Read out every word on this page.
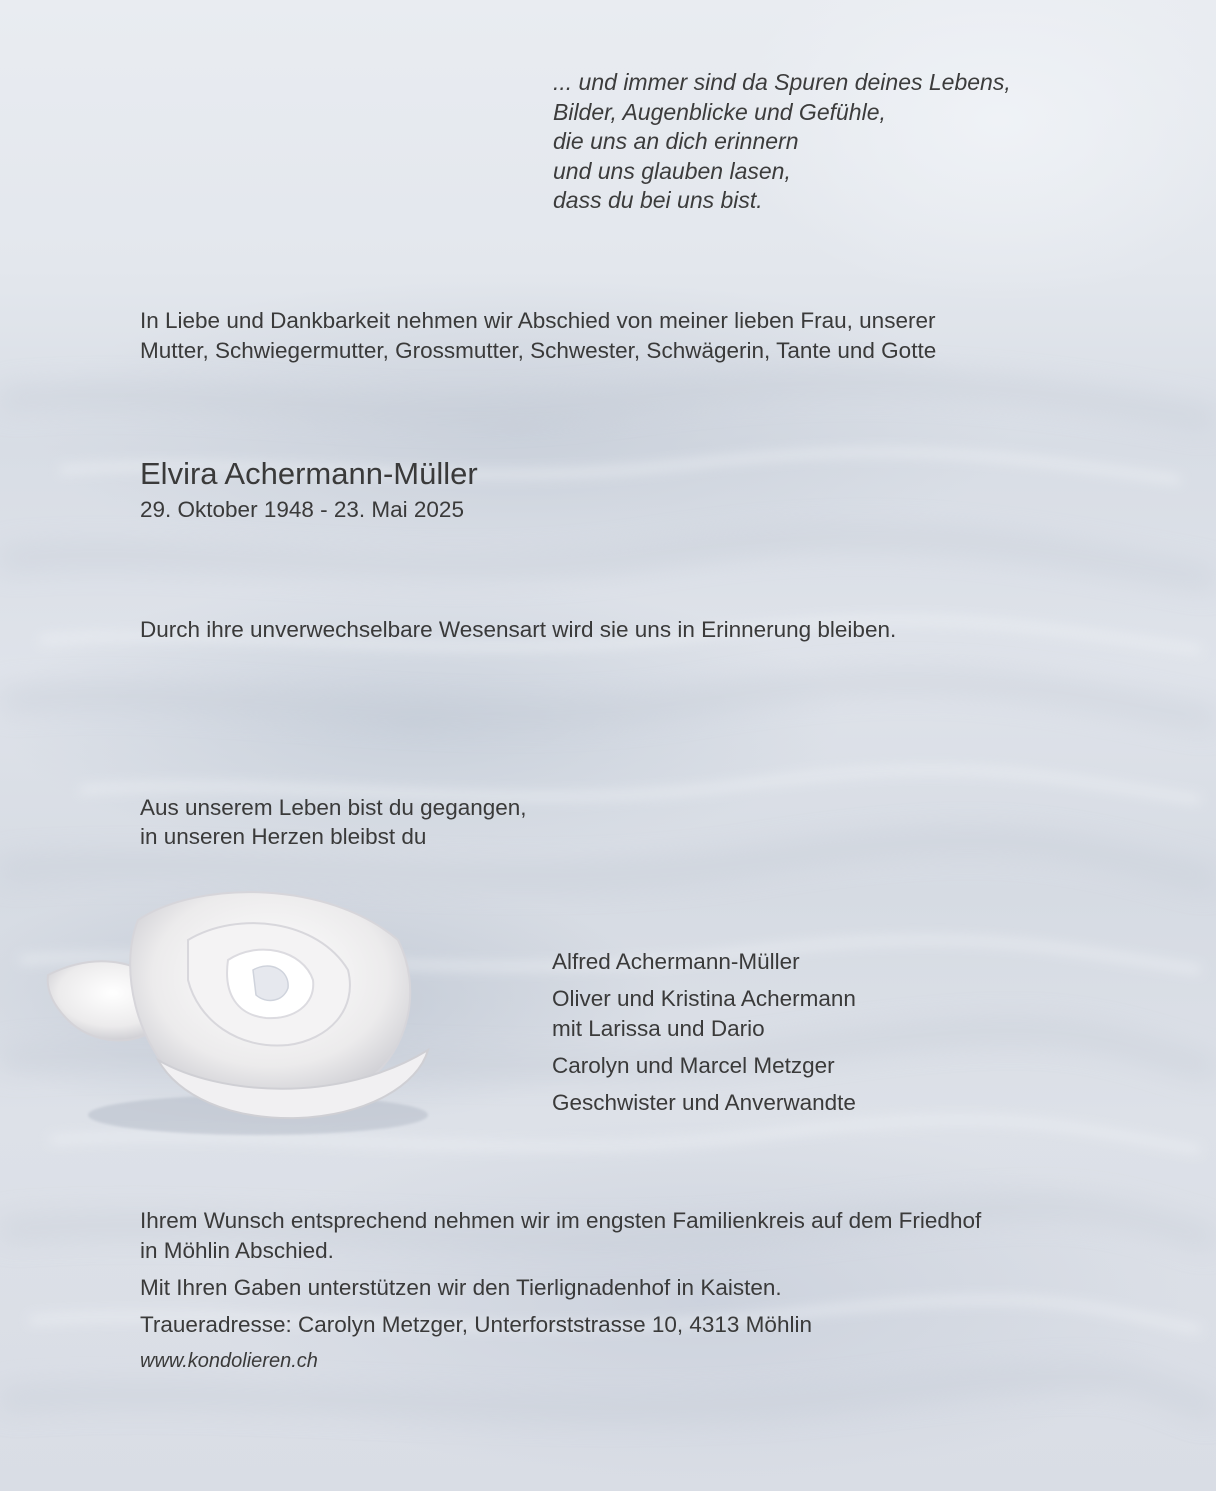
... und immer sind da Spuren deines Lebens,
Bilder, Augenblicke und Gefühle,
die uns an dich erinnern
und uns glauben lasen,
dass du bei uns bist.
In Liebe und Dankbarkeit nehmen wir Abschied von meiner lieben Frau, unserer
Mutter, Schwiegermutter, Grossmutter, Schwester, Schwägerin, Tante und Gotte
Elvira Achermann-Müller
29. Oktober 1948 - 23. Mai 2025
Durch ihre unverwechselbare Wesensart wird sie uns in Erinnerung bleiben.
Aus unserem Leben bist du gegangen,
in unseren Herzen bleibst du
Alfred Achermann-Müller
Oliver und Kristina Achermann
mit Larissa und Dario
Carolyn und Marcel Metzger
Geschwister und Anverwandte

Ihrem Wunsch entsprechend nehmen wir im engsten Familienkreis auf dem Friedhof
in Möhlin Abschied.

Mit Ihren Gaben unterstützen wir den Tierlignadenhof in Kaisten.

Traueradresse: Carolyn Metzger, Unterforststrasse 10, 4313 Möhlin

www.kondolieren.ch
